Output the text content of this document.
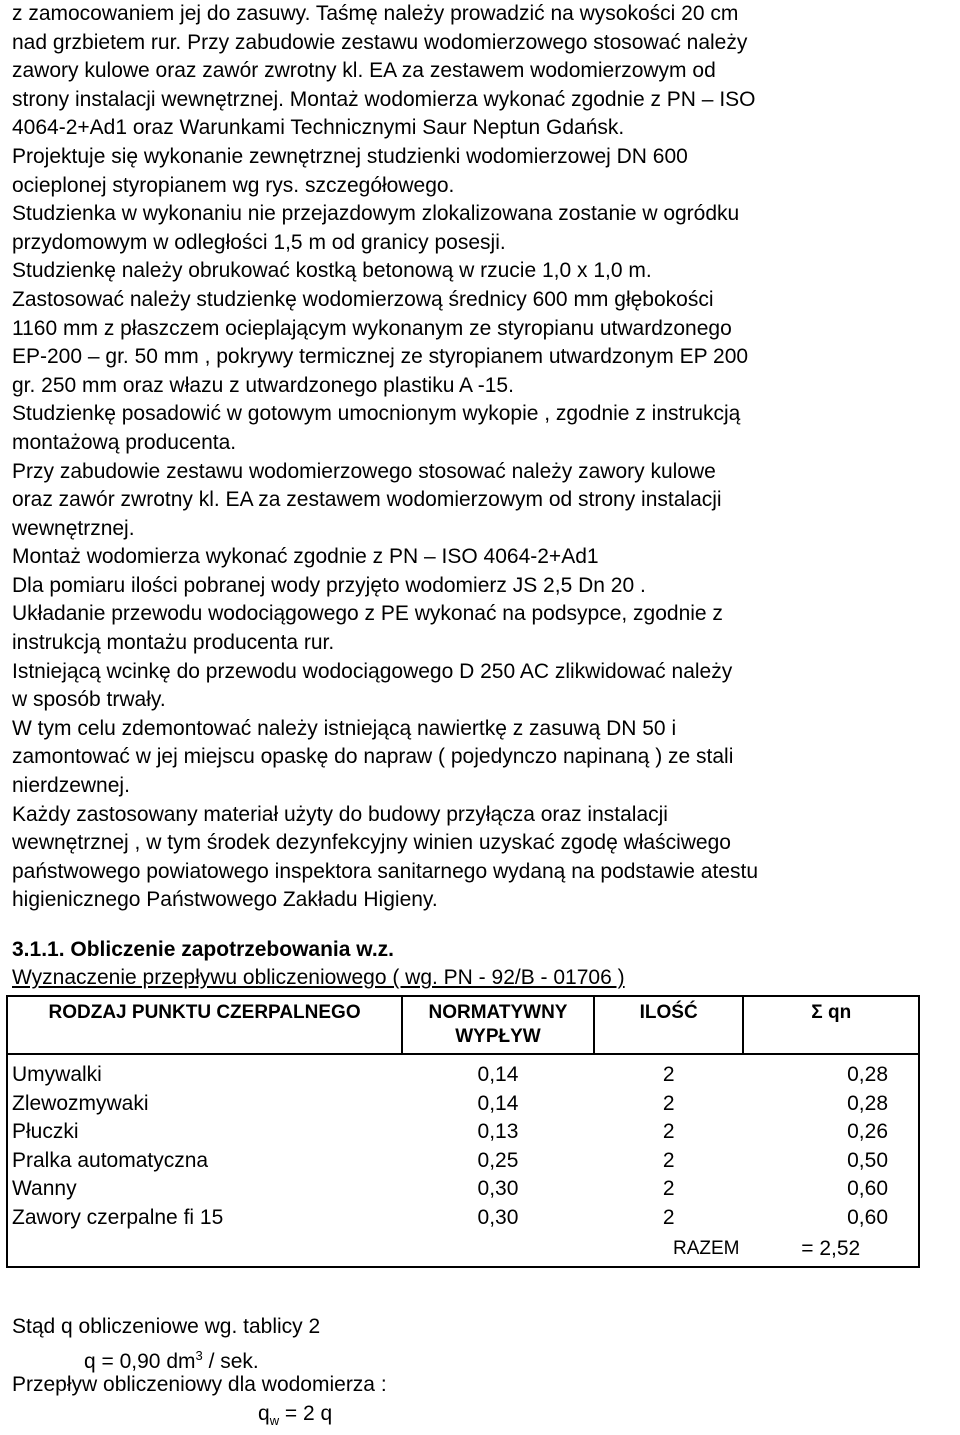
z zamocowaniem jej do zasuwy. Taśmę należy prowadzić na wysokości 20 cm

nad grzbietem rur. Przy zabudowie zestawu wodomierzowego stosować należy

zawory kulowe oraz zawór zwrotny kl. EA za zestawem wodomierzowym od

strony instalacji wewnętrznej. Montaż wodomierza wykonać zgodnie z PN – ISO

4064-2+Ad1 oraz Warunkami Technicznymi Saur Neptun Gdańsk.

Projektuje się wykonanie zewnętrznej studzienki wodomierzowej DN 600

ocieplonej styropianem wg rys. szczegółowego.

Studzienka w wykonaniu nie przejazdowym zlokalizowana zostanie w ogródku

przydomowym w odległości 1,5 m od granicy posesji.

Studzienkę należy obrukować kostką betonową w rzucie 1,0 x 1,0 m.

Zastosować należy studzienkę wodomierzową średnicy 600 mm głębokości

1160 mm z płaszczem ocieplającym wykonanym ze styropianu utwardzonego

EP-200 – gr. 50 mm , pokrywy termicznej ze styropianem utwardzonym EP 200

gr. 250 mm oraz włazu z utwardzonego plastiku A -15.

Studzienkę posadowić w gotowym umocnionym wykopie , zgodnie z instrukcją

montażową producenta.

Przy zabudowie zestawu wodomierzowego stosować należy zawory kulowe

oraz zawór zwrotny kl. EA za zestawem wodomierzowym od strony instalacji

wewnętrznej.

Montaż wodomierza wykonać zgodnie z PN – ISO 4064-2+Ad1

Dla pomiaru ilości pobranej wody przyjęto wodomierz JS 2,5 Dn 20 .

Układanie przewodu wodociągowego z PE wykonać na podsypce, zgodnie z

instrukcją montażu producenta rur.

Istniejącą wcinkę do przewodu wodociągowego D 250 AC zlikwidować należy

w sposób trwały.

W tym celu zdemontować należy istniejącą nawiertkę z zasuwą DN 50 i

zamontować w jej miejscu opaskę do napraw ( pojedynczo napinaną ) ze stali

nierdzewnej.

Każdy zastosowany materiał użyty do budowy przyłącza oraz instalacji

wewnętrznej , w tym środek dezynfekcyjny winien uzyskać zgodę właściwego

państwowego powiatowego inspektora sanitarnego wydaną na podstawie atestu

higienicznego Państwowego Zakładu Higieny.

3.1.1. Obliczenie zapotrzebowania w.z.
Wyznaczenie przepływu obliczeniowego ( wg. PN - 92/B - 01706 )
RODZAJ PUNKTU CZERPALNEGO	NORMATYWNY WYPŁYW	ILOŚĆ	Σ qn
Umywalki	0,14	2	0,28
Zlewozmywaki	0,14	2	0,28
Płuczki	0,13	2	0,26
Pralka automatyczna	0,25	2	0,50
Wanny	0,30	2	0,60
Zawory czerpalne fi 15	0,30	2	0,60
		RAZEM	= 2,52
Stąd q obliczeniowe wg. tablicy 2
q = 0,90 $dm^3$ / sek.
Przepływ obliczeniowy dla wodomierza :
$q_w = 2$ q
